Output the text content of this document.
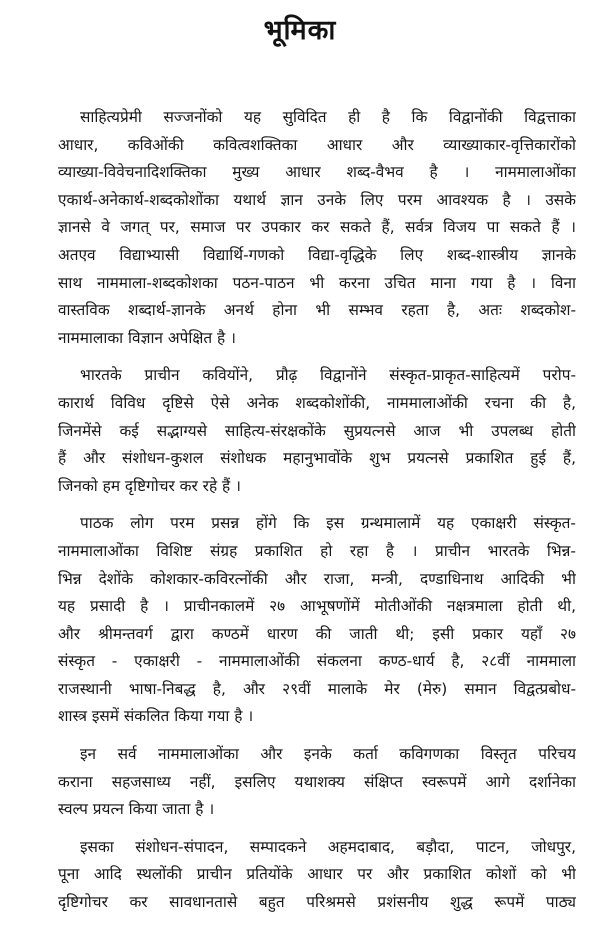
भूमिका
साहित्यप्रेमी सज्जनोंको यह सुविदित ही है कि विद्वानोंकी विद्वत्ताका
आधार, कविओंकी कवित्वशक्तिका आधार और व्याख्याकार-वृत्तिकारोंको
व्याख्या-विवेचनादिशक्तिका मुख्य आधार शब्द-वैभव है । नाममालाओंका
एकार्थ-अनेकार्थ-शब्दकोशोंका यथार्थ ज्ञान उनके लिए परम आवश्यक है । उसके
ज्ञानसे वे जगत् पर, समाज पर उपकार कर सकते हैं, सर्वत्र विजय पा सकते हैं ।
अतएव विद्याभ्यासी विद्यार्थि-गणको विद्या-वृद्धिके लिए शब्द-शास्त्रीय ज्ञानके
साथ नाममाला-शब्दकोशका पठन-पाठन भी करना उचित माना गया है । विना
वास्तविक शब्दार्थ-ज्ञानके अनर्थ होना भी सम्भव रहता है, अतः शब्दकोश-
नाममालाका विज्ञान अपेक्षित है ।
भारतके प्राचीन कवियोंने, प्रौढ़ विद्वानोंने संस्कृत-प्राकृत-साहित्यमें परोप-
कारार्थ विविध दृष्टिसे ऐसे अनेक शब्दकोशोंकी, नाममालाओंकी रचना की है,
जिनमेंसे कई सद्भाग्यसे साहित्य-संरक्षकोंके सुप्रयत्नसे आज भी उपलब्ध होती
हैं और संशोधन-कुशल संशोधक महानुभावोंके शुभ प्रयत्नसे प्रकाशित हुई हैं,
जिनको हम दृष्टिगोचर कर रहे हैं ।
पाठक लोग परम प्रसन्न होंगे कि इस ग्रन्थमालामें यह एकाक्षरी संस्कृत-
नाममालाओंका विशिष्ट संग्रह प्रकाशित हो रहा है । प्राचीन भारतके भिन्न-
भिन्न देशोंके कोशकार-कविरत्नोंकी और राजा, मन्त्री, दण्डाधिनाथ आदिकी भी
यह प्रसादी है । प्राचीनकालमें २७ आभूषणोंमें मोतीओंकी नक्षत्रमाला होती थी,
और श्रीमन्तवर्ग द्वारा कण्ठमें धारण की जाती थी; इसी प्रकार यहाँ २७
संस्कृत - एकाक्षरी - नाममालाओंकी संकलना कण्ठ-धार्य है, २८वीं नाममाला
राजस्थानी भाषा-निबद्ध है, और २९वीं मालाके मेर (मेरु) समान विद्वत्प्रबोध-
शास्त्र इसमें संकलित किया गया है ।
इन सर्व नाममालाओंका और इनके कर्ता कविगणका विस्तृत परिचय
कराना सहजसाध्य नहीं, इसलिए यथाशक्य संक्षिप्त स्वरूपमें आगे दर्शानेका
स्वल्प प्रयत्न किया जाता है ।
इसका संशोधन-संपादन, सम्पादकने अहमदाबाद, बड़ौदा, पाटन, जोधपुर,
पूना आदि स्थलोंकी प्राचीन प्रतियोंके आधार पर और प्रकाशित कोशों को भी
दृष्टिगोचर कर सावधानतासे बहुत परिश्रमसे प्रशंसनीय शुद्ध रूपमें पाठ्य
